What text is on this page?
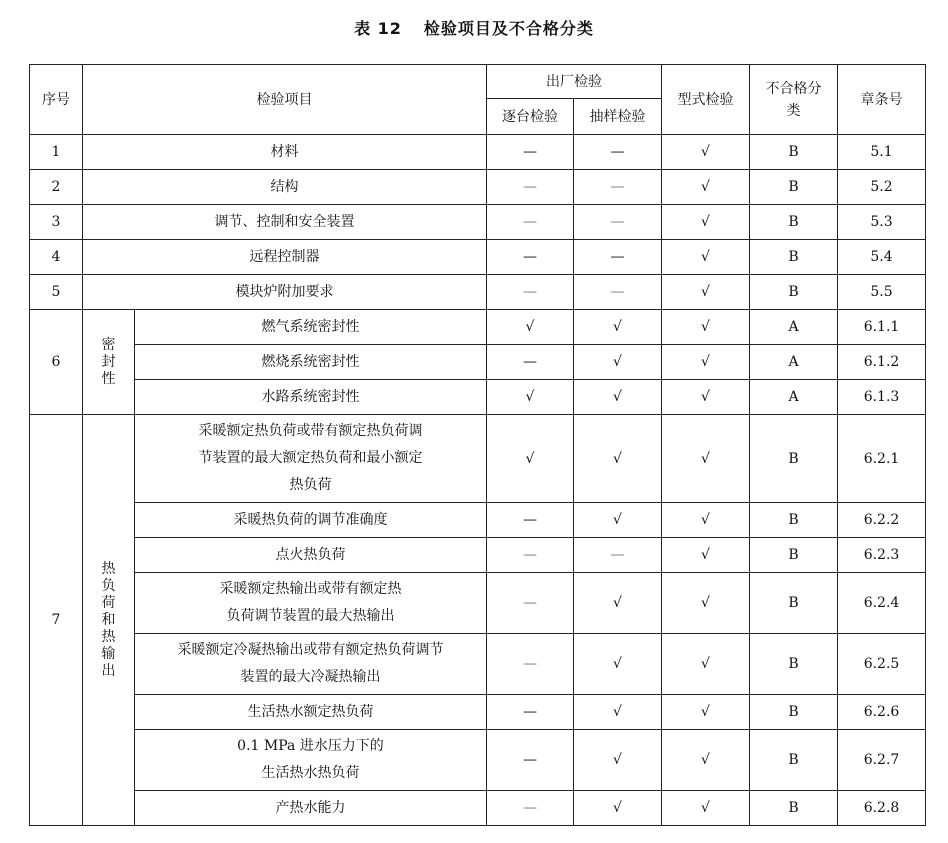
表 12 检验项目及不合格分类
序号	检验项目		出厂检验		型式检验	不合格分类	章条号
			逐台检验	抽样检验			
1	材料		—	—	√	B	5.1
2	结构		—	—	√	B	5.2
3	调节、控制和安全装置		—	—	√	B	5.3
4	远程控制器		—	—	√	B	5.4
5	模块炉附加要求		—	—	√	B	5.5
6	密封性	燃气系统密封性	√	√	√	A	6.1.1
		燃烧系统密封性	—	√	√	A	6.1.2
		水路系统密封性	√	√	√	A	6.1.3
7	热负荷和热输出	采暖额定热负荷或带有额定热负荷调节装置的最大额定热负荷和最小额定热负荷	√	√	√	B	6.2.1
		采暖热负荷的调节准确度	—	√	√	B	6.2.2
		点火热负荷	—	—	√	B	6.2.3
		采暖额定热输出或带有额定热负荷调节装置的最大热输出	—	√	√	B	6.2.4
		采暖额定冷凝热输出或带有额定热负荷调节装置的最大冷凝热输出	—	√	√	B	6.2.5
		生活热水额定热负荷	—	√	√	B	6.2.6
		0.1 MPa 进水压力下的生活热水热负荷	—	√	√	B	6.2.7
		产热水能力	—	√	√	B	6.2.8
